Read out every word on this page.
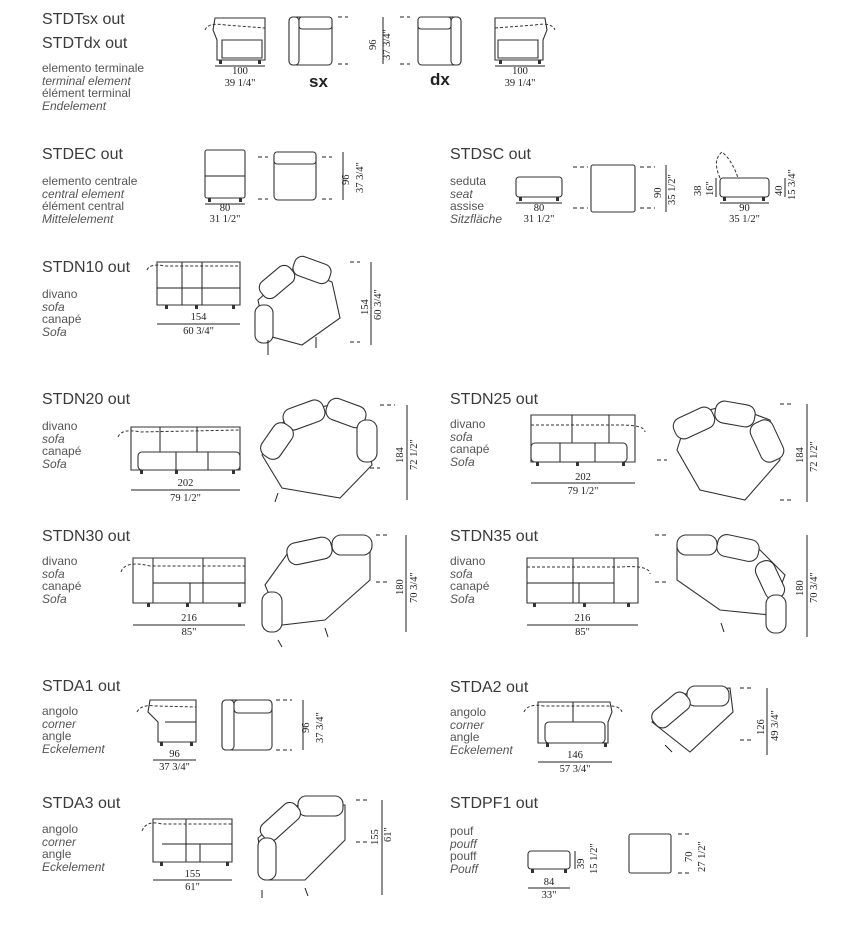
STDTsx out
STDTdx out
elemento terminale
terminal element
élément terminal
Endelement
100
39 1/4"	sx	dx
96 37 3/4"
100
39 1/4"
STDEC out
elemento centrale
central element
élément central
Mittelelement
80
31 1/2"
96 37 3/4"
STDSC out
seduta
seat
assise
Sitzfläche
80
31 1/2"
90 35 1/2" 38 16"
90
35 1/2"
40 15 3/4"
STDN10 out
divano
sofa
canapé
Sofa
154
60 3/4"
154 60 3/4"
STDN20 out
divano
sofa
canapé
Sofa
202
79 1/2"
184 72 1/2"
STDN25 out
divano
sofa
canapé
Sofa
202
79 1/2"
184 72 1/2"
STDN30 out
divano
sofa
canapé
Sofa
216
85"
180 70 3/4"
STDN35 out
divano
sofa
canapé
Sofa
216
85"
180 70 3/4"
STDA1 out
angolo
corner
angle
Eckelement	96
37 3/4"
96 37 3/4"
STDA2 out
angolo
corner
angle
Eckelement	146
57 3/4"
126 49 3/4"
STDA3 out
angolo
corner
angle
Eckelement
155
61"
155 61"
STDPF1 out
pouf
pouff
pouff
Pouff
84
33"
39 15 1/2"	70 27 1/2"
